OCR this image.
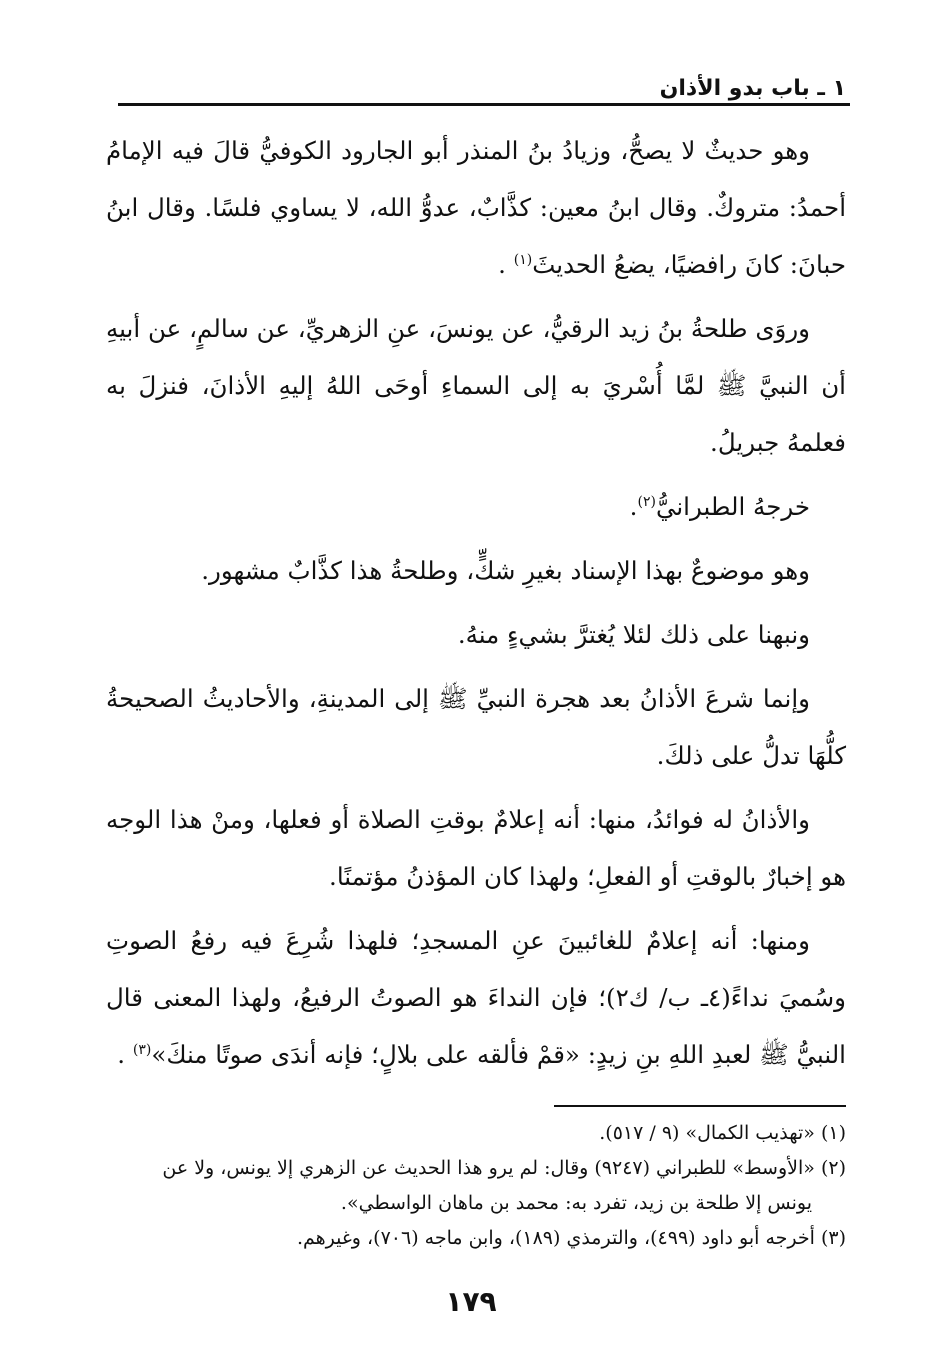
١ ـ باب بدو الأذان

وهو حديثٌ لا يصحُّ، وزيادُ بنُ المنذر أبو الجارود الكوفيُّ قالَ فيه الإمامُ أحمدُ: متروكٌ. وقال ابنُ معين: كذَّابٌ، عدوُّ الله، لا يساوي فلسًا. وقال ابنُ حبانَ: كانَ رافضيًا، يضعُ الحديثَ$^{(١)}$ .

وروَى طلحةُ بنُ زيد الرقيُّ، عن يونسَ، عنِ الزهريِّ، عن سالمٍ، عن أبيهِ أن النبيَّ ﷺ لمَّا أُسْريَ به إلى السماءِ أوحَى اللهُ إليهِ الأذانَ، فنزلَ به فعلمهُ جبريلُ.

خرجهُ الطبرانيُّ$^{(٢)}$.

وهو موضوعٌ بهذا الإسناد بغيرِ شكٍّ، وطلحةُ هذا كذَّابٌ مشهور.

ونبهنا على ذلك لئلا يُغترَّ بشيءٍ منهُ.

وإنما شرعَ الأذانُ بعد هجرة النبيِّ ﷺ إلى المدينةِ، والأحاديثُ الصحيحةُ كلُّهَا تدلُّ على ذلكَ.

والأذانُ له فوائدُ، منها: أنه إعلامٌ بوقتِ الصلاة أو فعلها، ومنْ هذا الوجه هو إخبارٌ بالوقتِ أو الفعلِ؛ ولهذا كان المؤذنُ مؤتمنًا.

ومنها: أنه إعلامٌ للغائبينَ عنِ المسجدِ؛ فلهذا شُرِعَ فيه رفعُ الصوتِ وسُميَ نداءً(٤ـ ب/ ك٢)؛ فإن النداءَ هو الصوتُ الرفيعُ، ولهذا المعنى قال النبيُّ ﷺ لعبدِ اللهِ بنِ زيدٍ: «قمْ فألقه على بلالٍ؛ فإنه أندَى صوتًا منكَ»$^{(٣)}$ .

(١) «تهذيب الكمال» (٩ / ٥١٧).

(٢) «الأوسط» للطبراني (٩٢٤٧) وقال: لم يرو هذا الحديث عن الزهري إلا يونس، ولا عن
يونس إلا طلحة بن زيد، تفرد به: محمد بن ماهان الواسطي».

(٣) أخرجه أبو داود (٤٩٩)، والترمذي (١٨٩)، وابن ماجه (٧٠٦)، وغيرهم.

١٧٩
